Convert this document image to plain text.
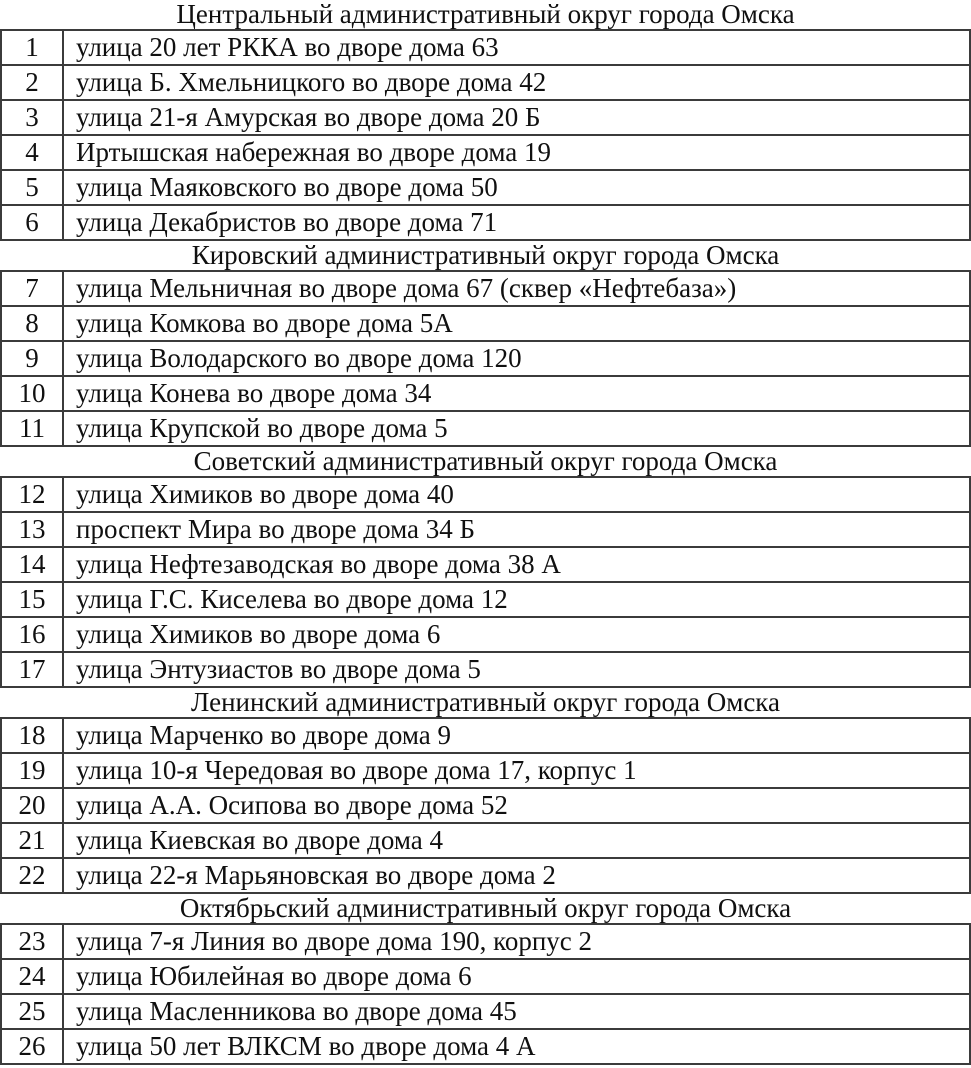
Центральный административный округ города Омска
1	улица 20 лет РККА во дворе дома 63
2	улица Б. Хмельницкого во дворе дома 42
3	улица 21-я Амурская во дворе дома 20 Б
4	Иртышская набережная во дворе дома 19
5	улица Маяковского во дворе дома 50
6	улица Декабристов во дворе дома 71
Кировский административный округ города Омска
7	улица Мельничная во дворе дома 67 (сквер «Нефтебаза»)
8	улица Комкова во дворе дома 5А
9	улица Володарского во дворе дома 120
10	улица Конева во дворе дома 34
11	улица Крупской во дворе дома 5
Советский административный округ города Омска
12	улица Химиков во дворе дома 40
13	проспект Мира во дворе дома 34 Б
14	улица Нефтезаводская во дворе дома 38 А
15	улица Г.С. Киселева во дворе дома 12
16	улица Химиков во дворе дома 6
17	улица Энтузиастов во дворе дома 5
Ленинский административный округ города Омска
18	улица Марченко во дворе дома 9
19	улица 10-я Чередовая во дворе дома 17, корпус 1
20	улица А.А. Осипова во дворе дома 52
21	улица Киевская во дворе дома 4
22	улица 22-я Марьяновская во дворе дома 2
Октябрьский административный округ города Омска
23	улица 7-я Линия во дворе дома 190, корпус 2
24	улица Юбилейная во дворе дома 6
25	улица Масленникова во дворе дома 45
26	улица 50 лет ВЛКСМ во дворе дома 4 А
